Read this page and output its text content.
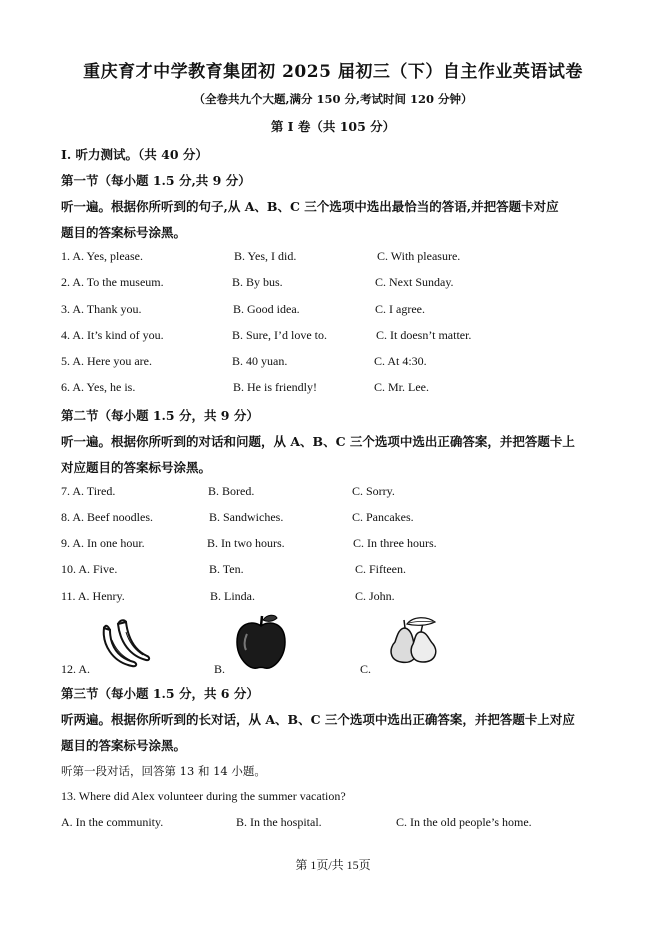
重庆育才中学教育集团初 2025 届初三（下）自主作业英语试卷
（全卷共九个大题,满分 150 分,考试时间 120 分钟）
第 I 卷（共 105 分）
I. 听力测试。（共 40 分）
第一节（每小题 1.5 分,共 9 分）
听一遍。根据你所听到的句子,从 A、B、C 三个选项中选出最恰当的答语,并把答题卡对应
题目的答案标号涂黑。
1. A. Yes, please.	B. Yes, I did.	C. With pleasure.
2. A. To the museum.	B. By bus.	C. Next Sunday.
3. A. Thank you.	B. Good idea.	C. I agree.
4. A. It’s kind of you.	B. Sure, I’d love to.	C. It doesn’t matter.
5. A. Here you are.	B. 40 yuan.	C. At 4:30.
6. A. Yes, he is.	B. He is friendly!	C. Mr. Lee.
第二节（每小题 1.5 分，共 9 分）
听一遍。根据你所听到的对话和问题，从 A、B、C 三个选项中选出正确答案，并把答题卡上
对应题目的答案标号涂黑。
7. A. Tired.	B. Bored.	C. Sorry.
8. A. Beef noodles.	B. Sandwiches.	C. Pancakes.
9. A. In one hour.	B. In two hours.	C. In three hours.
10. A. Five.	B. Ten.	C. Fifteen.
11. A. Henry.	B. Linda.	C. John.
12. A.	B.	C.
第三节（每小题 1.5 分，共 6 分）
听两遍。根据你所听到的长对话，从 A、B、C 三个选项中选出正确答案，并把答题卡上对应
题目的答案标号涂黑。
听第一段对话，回答第 13 和 14 小题。
13. Where did Alex volunteer during the summer vacation?
A. In the community.	B. In the hospital.	C. In the old people’s home.
第 1页/共 15页
